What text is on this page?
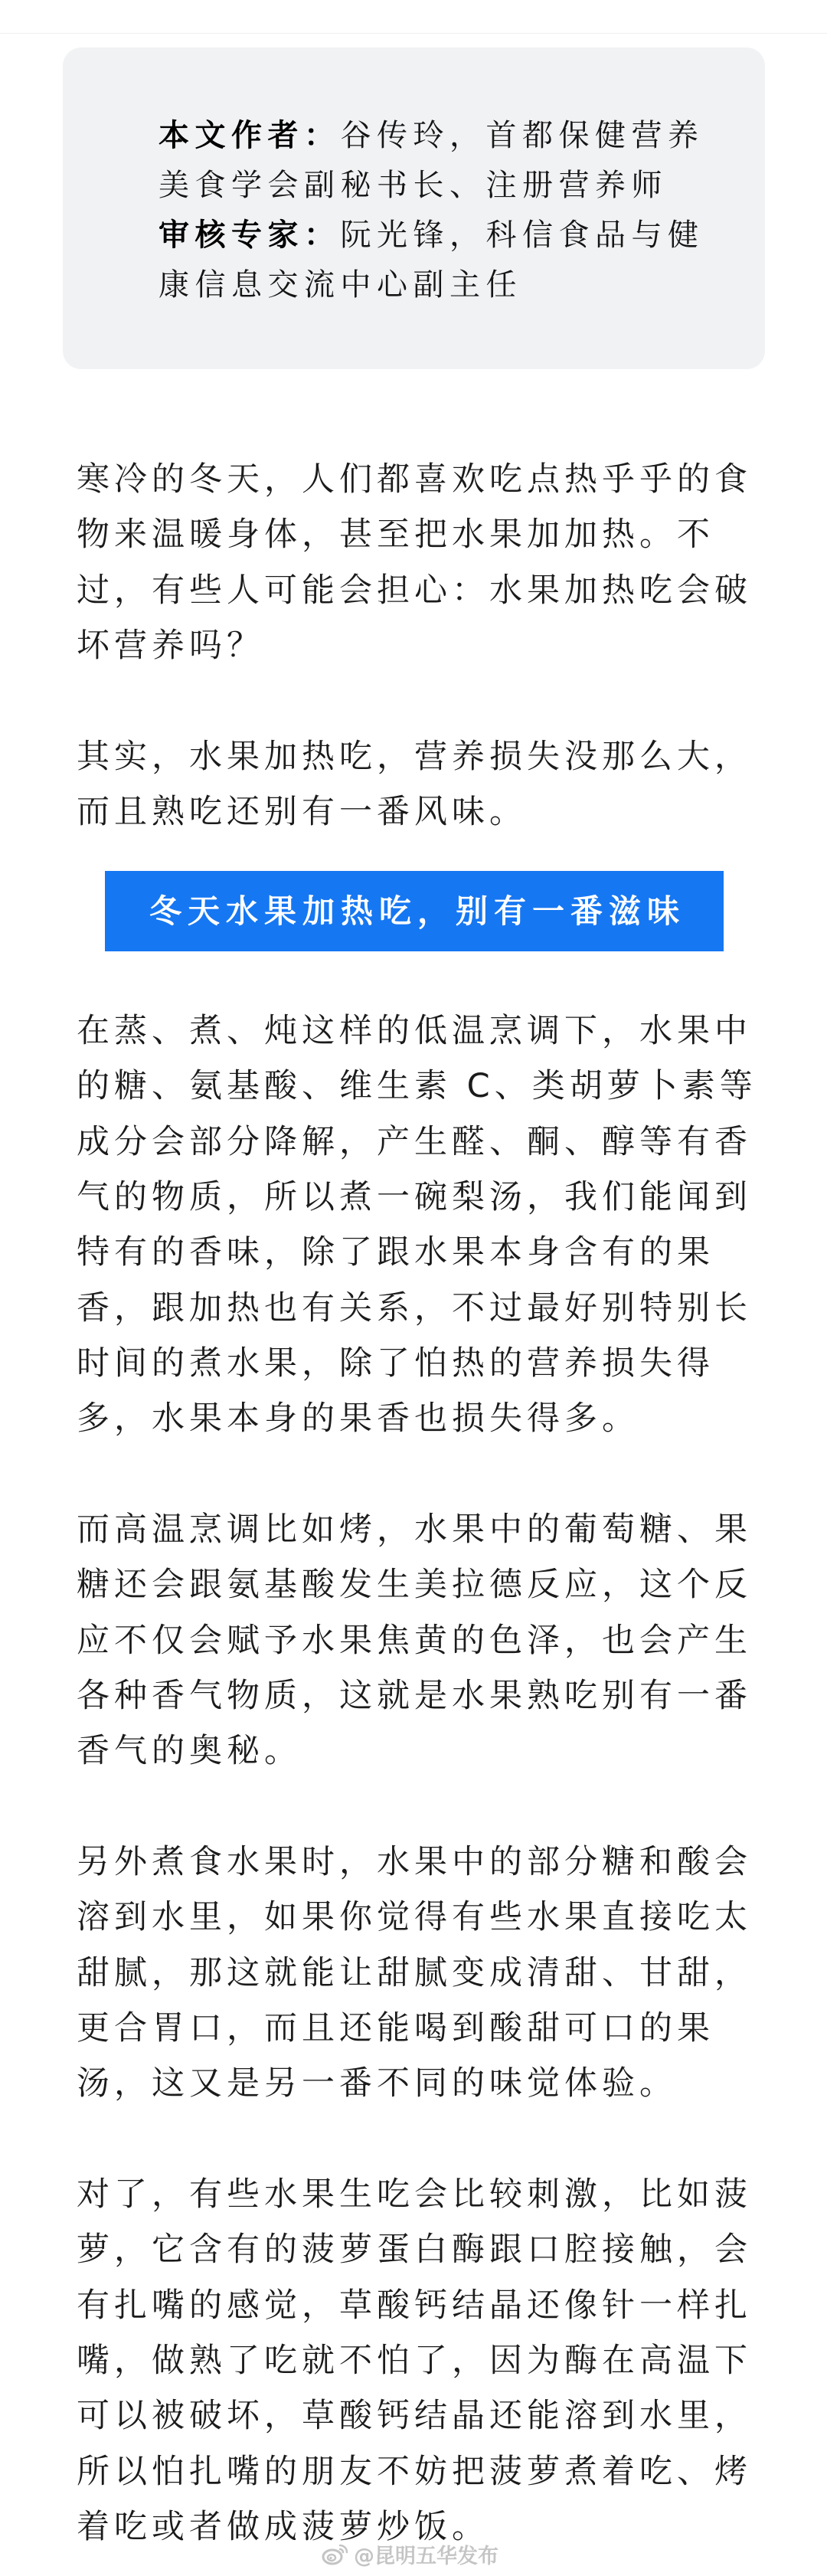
本文作者：谷传玲，首都保健营养
美食学会副秘书长、注册营养师
审核专家：阮光锋，科信食品与健
康信息交流中心副主任
寒冷的冬天，人们都喜欢吃点热乎乎的食
物来温暖身体，甚至把水果加加热。不
过，有些人可能会担心：水果加热吃会破
坏营养吗？
其实，水果加热吃，营养损失没那么大，
而且熟吃还别有一番风味。
冬天水果加热吃，别有一番滋味
在蒸、煮、炖这样的低温烹调下，水果中
的糖、氨基酸、维生素 C、类胡萝卜素等
成分会部分降解，产生醛、酮、醇等有香
气的物质，所以煮一碗梨汤，我们能闻到
特有的香味，除了跟水果本身含有的果
香，跟加热也有关系，不过最好别特别长
时间的煮水果，除了怕热的营养损失得
多，水果本身的果香也损失得多。
而高温烹调比如烤，水果中的葡萄糖、果
糖还会跟氨基酸发生美拉德反应，这个反
应不仅会赋予水果焦黄的色泽，也会产生
各种香气物质，这就是水果熟吃别有一番
香气的奥秘。
另外煮食水果时，水果中的部分糖和酸会
溶到水里，如果你觉得有些水果直接吃太
甜腻，那这就能让甜腻变成清甜、甘甜，
更合胃口，而且还能喝到酸甜可口的果
汤，这又是另一番不同的味觉体验。
对了，有些水果生吃会比较刺激，比如菠
萝，它含有的菠萝蛋白酶跟口腔接触，会
有扎嘴的感觉，草酸钙结晶还像针一样扎
嘴，做熟了吃就不怕了，因为酶在高温下
可以被破坏，草酸钙结晶还能溶到水里，
所以怕扎嘴的朋友不妨把菠萝煮着吃、烤
着吃或者做成菠萝炒饭。
@昆明五华发布
